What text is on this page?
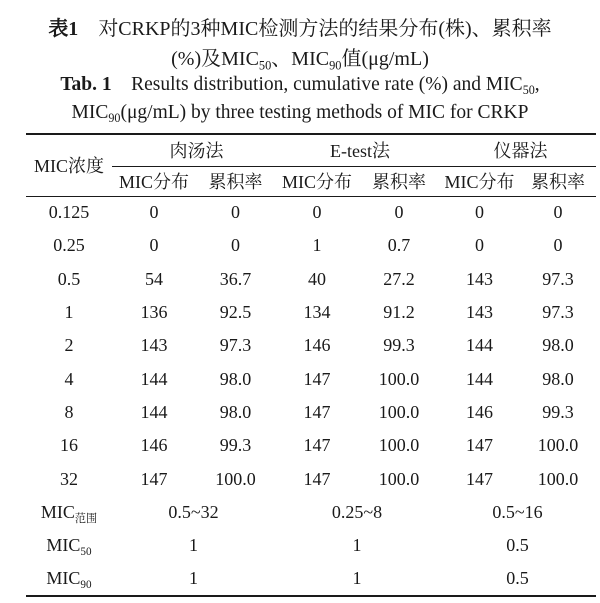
表1 对CRKP的3种MIC检测方法的结果分布(株)、累积率
(%)及$MIC_{50}$、$MIC_{90}$值(μg/mL)
Tab. 1 Results distribution, cumulative rate (%) and $MIC_{50}$,
$MIC_{90}(\mu g/mL)$ by three testing methods of MIC for CRKP
MIC浓度	肉汤法		E-test法		仪器法	
	MIC分布	累积率	MIC分布	累积率	MIC分布	累积率
0.125	0	0	0	0	0	0
0.25	0	0	1	0.7	0	0
0.5	54	36.7	40	27.2	143	97.3
1	136	92.5	134	91.2	143	97.3
2	143	97.3	146	99.3	144	98.0
4	144	98.0	147	100.0	144	98.0
8	144	98.0	147	100.0	146	99.3
16	146	99.3	147	100.0	147	100.0
32	147	100.0	147	100.0	147	100.0
$MIC_{范围}$	0.5~32		0.25~8		0.5~16	
$MIC_{50}$	1		1		0.5	
$MIC_{90}$	1		1		0.5	
